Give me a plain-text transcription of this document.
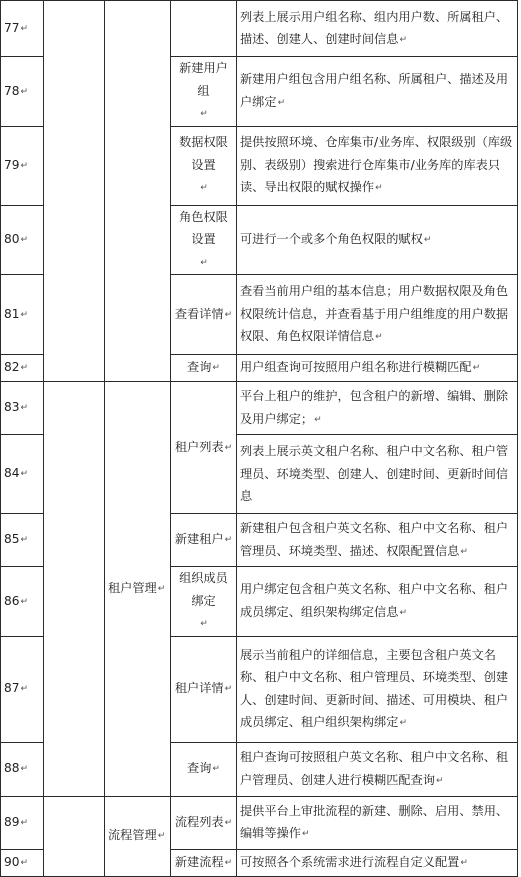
77↵				列表上展示用户组名称、组内用户数、所属租户、描述、创建人、创建时间信息↵
78↵			新建用户组↵	新建用户组包含用户组名称、所属租户、描述及用户绑定↵
79↵			数据权限设置↵	提供按照环境、仓库集市/业务库、权限级别（库级别、表级别）搜索进行仓库集市/业务库的库表只读、导出权限的赋权操作↵
80↵			角色权限设置↵	可进行一个或多个角色权限的赋权↵
81↵			查看详情↵	查看当前用户组的基本信息；用户数据权限及角色权限统计信息，并查看基于用户组维度的用户数据权限、角色权限详情信息↵
82↵			查询↵	用户组查询可按照用户组名称进行模糊匹配↵
83↵		租户管理↵	租户列表↵	平台上租户的维护，包含租户的新增、编辑、删除及用户绑定；↵
84↵				列表上展示英文租户名称、租户中文名称、租户管理员、环境类型、创建人、创建时间、更新时间信息
85↵			新建租户↵	新建租户包含租户英文名称、租户中文名称、租户管理员、环境类型、描述、权限配置信息↵
86↵			组织成员绑定↵	用户绑定包含租户英文名称、租户中文名称、租户成员绑定、组织架构绑定信息↵
87↵			租户详情↵	展示当前租户的详细信息，主要包含租户英文名称、租户中文名称、租户管理员、环境类型、创建人、创建时间、更新时间、描述、可用模块、租户成员绑定、租户组织架构绑定↵
88↵			查询↵	租户查询可按照租户英文名称、租户中文名称、租户管理员、创建人进行模糊匹配查询↵
89↵		流程管理↵	流程列表↵	提供平台上审批流程的新建、删除、启用、禁用、编辑等操作↵
90↵			新建流程↵	可按照各个系统需求进行流程自定义配置↵
